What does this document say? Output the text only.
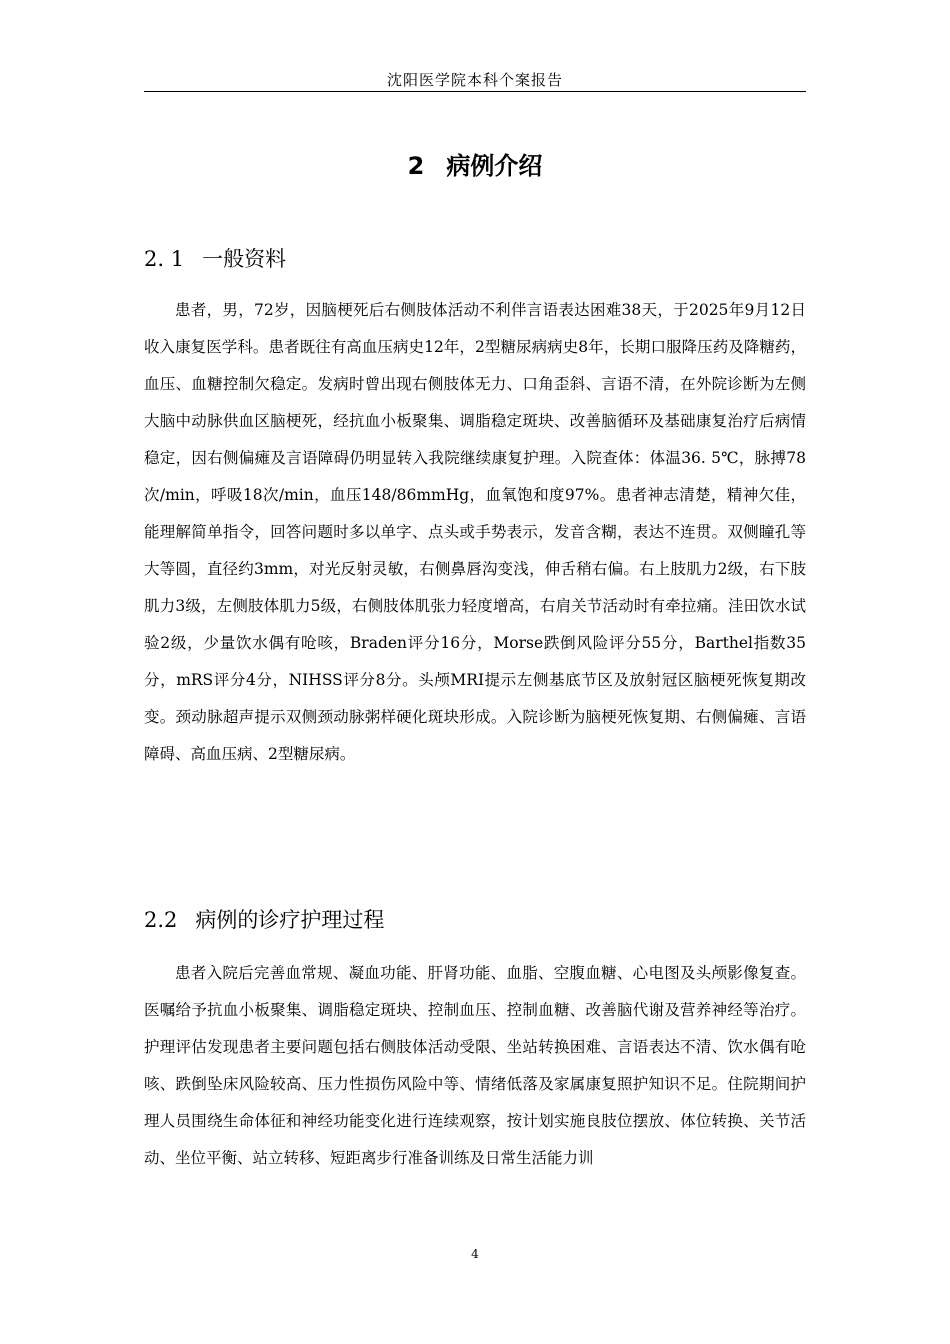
沈阳医学院本科个案报告
2 病例介绍
2. 1 一般资料

患者，男，72岁，因脑梗死后右侧肢体活动不利伴言语表达困难38天，于2025年9月12日收入康复医学科。患者既往有高血压病史12年，2型糖尿病病史8年，长期口服降压药及降糖药，血压、血糖控制欠稳定。发病时曾出现右侧肢体无力、口角歪斜、言语不清，在外院诊断为左侧大脑中动脉供血区脑梗死，经抗血小板聚集、调脂稳定斑块、改善脑循环及基础康复治疗后病情稳定，因右侧偏瘫及言语障碍仍明显转入我院继续康复护理。入院查体：体温36. 5℃，脉搏78次/min，呼吸18次/min，血压148/86mmHg，血氧饱和度97%。患者神志清楚，精神欠佳，能理解简单指令，回答问题时多以单字、点头或手势表示，发音含糊，表达不连贯。双侧瞳孔等大等圆，直径约3mm，对光反射灵敏，右侧鼻唇沟变浅，伸舌稍右偏。右上肢肌力2级，右下肢肌力3级，左侧肢体肌力5级，右侧肢体肌张力轻度增高，右肩关节活动时有牵拉痛。洼田饮水试验2级，少量饮水偶有呛咳，Braden评分16分，Morse跌倒风险评分55分，Barthel指数35分，mRS评分4分，NIHSS评分8分。头颅MRI提示左侧基底节区及放射冠区脑梗死恢复期改变。颈动脉超声提示双侧颈动脉粥样硬化斑块形成。入院诊断为脑梗死恢复期、右侧偏瘫、言语障碍、高血压病、2型糖尿病。

2.2 病例的诊疗护理过程

患者入院后完善血常规、凝血功能、肝肾功能、血脂、空腹血糖、心电图及头颅影像复查。医嘱给予抗血小板聚集、调脂稳定斑块、控制血压、控制血糖、改善脑代谢及营养神经等治疗。护理评估发现患者主要问题包括右侧肢体活动受限、坐站转换困难、言语表达不清、饮水偶有呛咳、跌倒坠床风险较高、压力性损伤风险中等、情绪低落及家属康复照护知识不足。住院期间护理人员围绕生命体征和神经功能变化进行连续观察，按计划实施良肢位摆放、体位转换、关节活动、坐位平衡、站立转移、短距离步行准备训练及日常生活能力训

4
